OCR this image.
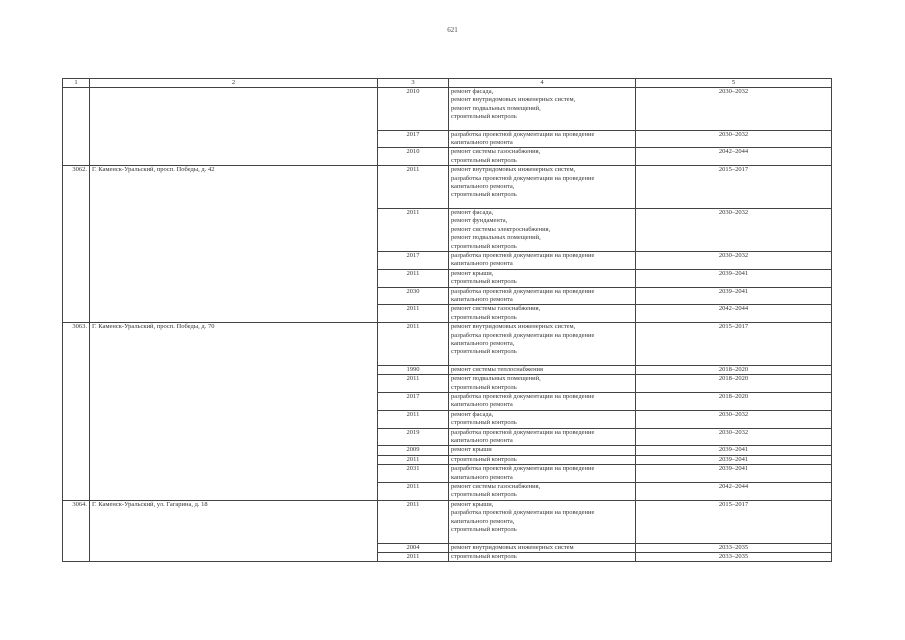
621
1	2	3	4	5
		2010	ремонт фасада,
ремонт внутридомовых инженерных систем,
ремонт подвальных помещений,
строительный контроль	2030–2032
		2017	разработка проектной документации на проведение
капитального ремонта	2030–2032
		2010	ремонт системы газоснабжения,
строительный контроль	2042–2044
3062.	Г. Каменск-Уральский, просп. Победы, д. 42	2011	ремонт внутридомовых инженерных систем,
разработка проектной документации на проведение
капитального ремонта,
строительный контроль	2015–2017
		2011	ремонт фасада,
ремонт фундамента,
ремонт системы электроснабжения,
ремонт подвальных помещений,
строительный контроль	2030–2032
		2017	разработка проектной документации на проведение
капитального ремонта	2030–2032
		2011	ремонт крыши,
строительный контроль	2039–2041
		2030	разработка проектной документации на проведение
капитального ремонта	2039–2041
		2011	ремонт системы газоснабжения,
строительный контроль	2042–2044
3063.	Г. Каменск-Уральский, просп. Победы, д. 70	2011	ремонт внутридомовых инженерных систем,
разработка проектной документации на проведение
капитального ремонта,
строительный контроль	2015–2017
		1990	ремонт системы теплоснабжения	2018–2020
		2011	ремонт подвальных помещений,
строительный контроль	2018–2020
		2017	разработка проектной документации на проведение
капитального ремонта	2018–2020
		2011	ремонт фасада,
строительный контроль	2030–2032
		2019	разработка проектной документации на проведение
капитального ремонта	2030–2032
		2009	ремонт крыши	2039–2041
		2011	строительный контроль	2039–2041
		2031	разработка проектной документации на проведение
капитального ремонта	2039–2041
		2011	ремонт системы газоснабжения,
строительный контроль	2042–2044
3064.	Г. Каменск-Уральский, ул. Гагарина, д. 18	2011	ремонт крыши,
разработка проектной документации на проведение
капитального ремонта,
строительный контроль	2015–2017
		2004	ремонт внутридомовых инженерных систем	2033–2035
		2011	строительный контроль	2033–2035
